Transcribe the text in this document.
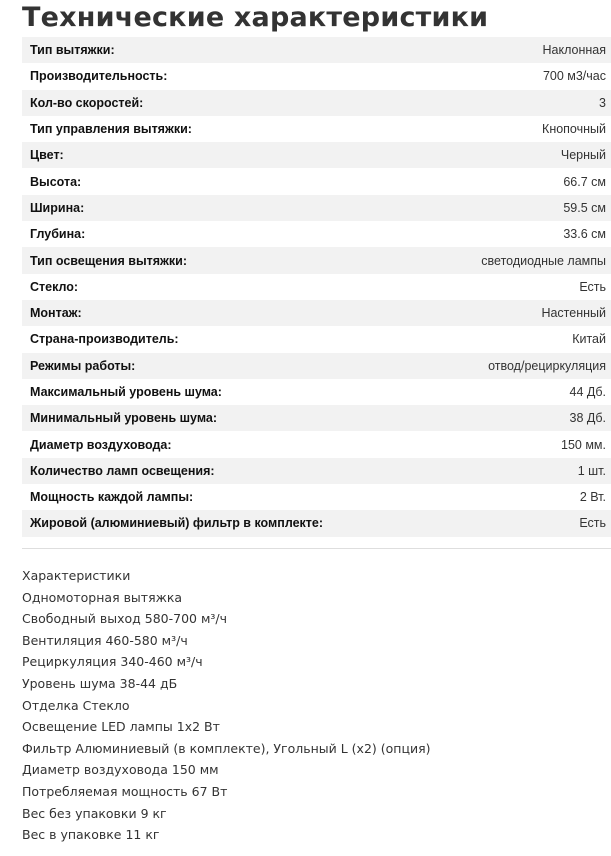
Технические характеристики
Тип вытяжки:	Наклонная
Производительность:	700 м3/час
Кол-во скоростей:	3
Тип управления вытяжки:	Кнопочный
Цвет:	Черный
Высота:	66.7 см
Ширина:	59.5 см
Глубина:	33.6 см
Тип освещения вытяжки:	светодиодные лампы
Стекло:	Есть
Монтаж:	Настенный
Страна-производитель:	Китай
Режимы работы:	отвод/рециркуляция
Максимальный уровень шума:	44 Дб.
Минимальный уровень шума:	38 Дб.
Диаметр воздуховода:	150 мм.
Количество ламп освещения:	1 шт.
Мощность каждой лампы:	2 Вт.
Жировой (алюминиевый) фильтр в комплекте:	Есть
Характеристики
Одномоторная вытяжка
Свободный выход 580-700 м³/ч
Вентиляция 460-580 м³/ч
Рециркуляция 340-460 м³/ч
Уровень шума 38-44 дБ
Отделка Стекло
Освещение LED лампы 1x2 Вт
Фильтр Алюминиевый (в комплекте), Угольный L (x2) (опция)
Диаметр воздуховода 150 мм
Потребляемая мощность 67 Вт
Вес без упаковки 9 кг
Вес в упаковке 11 кг
